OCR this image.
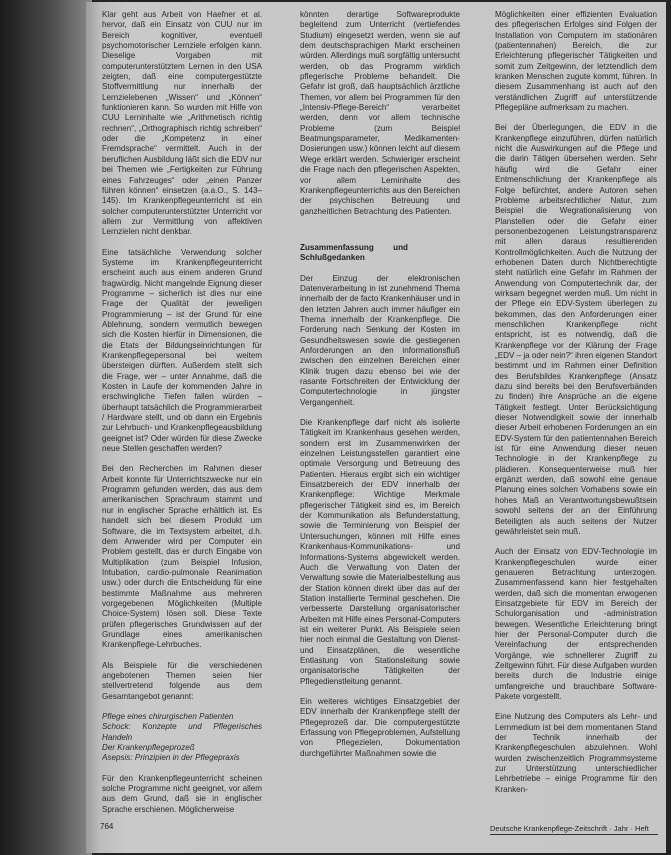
Klar geht aus Arbeit von Haefner et al. hervor, daß ein Einsatz von CUU nur im Bereich kognitiver, eventuell psychomotorischer Lernziele erfolgen kann. Dieselige Vorgaben mit computerunterstütztem Lernen in den USA zeigten, daß eine computergestützte Stoffvermittlung nur innerhalb der Lernzielebenen „Wissen“ und „Können“ funktionieren kann. So wurden mit Hilfe von CUU Lerninhalte wie „Arithmetisch richtig rechnen“, „Orthographisch richtig schreiben“ oder die „Kompetenz in einer Fremdsprache“ vermittelt. Auch in der beruflichen Ausbildung läßt sich die EDV nur bei Themen wie „Fertigkeiten zur Führung eines Fahrzeuges“ oder „einen Panzer führen können“ einsetzen (a.a.O., S. 143–145). Im Krankenpflegeunterricht ist ein solcher computerunterstützter Unterricht vor allem zur Vermittlung von affektiven Lernzielen nicht denkbar.

Eine tatsächliche Verwendung solcher Systeme im Krankenpflegeunterricht erscheint auch aus einem anderen Grund fragwürdig. Nicht mangelnde Eignung dieser Programme – sicherlich ist dies nur eine Frage der Qualität der jeweiligen Programmierung – ist der Grund für eine Ablehnung, sondern vermutlich bewegen sich die Kosten hierfür in Dimensionen, die die Etats der Bildungseinrichtungen für Krankenpflegepersonal bei weitem übersteigen dürften. Außerdem stellt sich die Frage, wer – unter Annahme, daß die Kosten in Laufe der kommenden Jahre in erschwingliche Tiefen fallen würden – überhaupt tatsächlich die Programmierarbeit / Hardware stellt, und ob dann ein Ergebnis zur Lehrbuch- und Krankenpflegeausbildung geeignet ist? Oder würden für diese Zwecke neue Stellen geschaffen werden?

Bei den Recherchen im Rahmen dieser Arbeit konnte für Unterrichtszwecke nur ein Programm gefunden werden, das aus dem amerikanischen Sprachraum stammt und nur in englischer Sprache erhältlich ist. Es handelt sich bei diesem Produkt um Software, die im Textsystem arbeitet, d.h. dem Anwender wird per Computer ein Problem gestellt, das er durch Eingabe von Multiplikation (zum Beispiel Infusion, Intubation, cardio-pulmonale Reanimation usw.) oder durch die Entscheidung für eine bestimmte Maßnahme aus mehreren vorgegebenen Möglichkeiten (Multiple Choice-System) lösen soll. Diese Texte prüfen pflegerisches Grundwissen auf der Grundlage eines amerikanischen Krankenpflege-Lehrbuches.

Als Beispiele für die verschiedenen angebotenen Themen seien hier stellvertretend folgende aus dem Gesamtangebot genannt:

Pflege eines chirurgischen Patienten
Schock: Konzepte und Pflegerisches Handeln
Der Krankenpflegeprozeß
Asepsis: Prinzipien in der Pflegepraxis

Für den Krankenpflegeunterricht scheinen solche Programme nicht geeignet, vor allem aus dem Grund, daß sie in englischer Sprache erschienen. Möglicherweise

könnten derartige Softwareprodukte begleitend zum Unterricht (vertiefendes Studium) eingesetzt werden, wenn sie auf dem deutschsprachigen Markt erscheinen würden. Allerdings muß sorgfältig untersucht werden, ob das Programm wirklich pflegerische Probleme behandelt. Die Gefahr ist groß, daß hauptsächlich ärztliche Themen, vor allem bei Programmen für den „Intensiv-Pflege-Bereich“ verarbeitet werden, denn vor allem technische Probleme (zum Beispiel Beatmungsparameter, Medikamenten-Dosierungen usw.) können leicht auf diesem Wege erklärt werden. Schwieriger erscheint die Frage nach den pflegerischen Aspekten, vor allem Lerninhalte des Krankenpflegeunterrichts aus den Bereichen der psychischen Betreuung und ganzheitlichen Betrachtung des Patienten.

Zusammenfassung und Schlußgedanken

Der Einzug der elektronischen Datenverarbeitung in ist zunehmend Thema innerhalb der de facto Krankenhäuser und in den letzten Jahren auch immer häufiger ein Thema innerhalb der Krankenpflege. Die Forderung nach Senkung der Kosten im Gesundheitswesen sowie die gestiegenen Anforderungen an den informationsfluß zwischen den einzelnen Bereichen einer Klinik trugen dazu ebenso bei wie der rasante Fortschreiten der Entwicklung der Computertechnologie in jüngster Vergangenheit.

Die Krankenpflege darf nicht als isolierte Tätigkeit im Krankenhaus gesehen werden, sondern erst im Zusammenwirken der einzelnen Leistungsstellen garantiert eine optimale Versorgung und Betreuung des Patienten. Hieraus ergibt sich ein wichtiger Einsatzbereich der EDV innerhalb der Krankenpflege: Wichtige Merkmale pflegerischer Tätigkeit sind es, im Bereich der Kommunikation als Befunderstattung, sowie die Terminierung von Beispiel der Untersuchungen, können mit Hilfe eines Krankenhaus-Kommunikations- und Informations-Systems abgewickelt werden. Auch die Verwaltung von Daten der Verwaltung sowie die Materialbestellung aus der Station können direkt über das auf der Station installierte Terminal geschehen. Die verbesserte Darstellung organisatorischer Arbeiten mit Hilfe eines Personal-Computers ist ein weiterer Punkt. Als Beispiele seien hier noch einmal die Gestaltung von Dienst- und Einsatzplänen, die wesentliche Entlastung von Stationsleitung sowie organisatorische Tätigkeiten der Pflegedienstleitung genannt.

Ein weiteres wichtiges Einsatzgebiet der EDV innerhalb der Krankenpflege stellt der Pflegeprozeß dar. Die computergestützte Erfassung von Pflegeproblemen, Aufstellung von Pflegezielen, Dokumentation durchgeführter Maßnahmen sowie die

Möglichkeiten einer effizienten Evaluation des pflegerischen Erfolges sind Folgen der Installation von Computern im stationären (patientennahen) Bereich, die zur Erleichterung pflegerischer Tätigkeiten und somit zum Zeitgewinn, der letztendlich dem kranken Menschen zugute kommt, führen. In diesem Zusammenhang ist auch auf den verständlichen Zugriff auf unterstützende Pflegepläne aufmerksam zu machen.

Bei der Überlegungen, die EDV in die Krankenpflege einzuführen, dürfen natürlich nicht die Auswirkungen auf die Pflege und die darin Tätigen übersehen werden. Sehr häufig wird die Gefahr einer Entmenschlichung der Krankenpflege als Folge befürchtet, andere Autoren sehen Probleme arbeitsrechtlicher Natur, zum Beispiel die Wegrationalisierung von Planstellen oder die Gefahr einer personenbezogenen Leistungstransparenz mit allen daraus resultierenden Kontrollmöglichkeiten. Auch die Nutzung der erhobenen Daten durch Nichtberechtigte steht natürlich eine Gefahr im Rahmen der Anwendung von Computertechnik dar, der wirksam begegnet werden muß. Um nicht in der Pflege ein EDV-System überlegen zu bekommen, das den Anforderungen einer menschlichen Krankenpflege nicht entspricht, ist es notwendig, daß die Krankenpflege vor der Klärung der Frage „EDV – ja oder nein?“ ihren eigenen Standort bestimmt und im Rahmen einer Definition des Berufsbildes Krankenpflege (Ansatz dazu sind bereits bei den Berufsverbänden zu finden) ihre Ansprüche an die eigene Tätigkeit festlegt. Unter Berücksichtigung dieser Notwendigkeit sowie der innerhalb dieser Arbeit erhobenen Forderungen an ein EDV-System für den patientennahen Bereich ist für eine Anwendung dieser neuen Technologie in der Krankenpflege zu plädieren. Konsequenterweise muß hier ergänzt werden, daß sowohl eine genaue Planung eines solchen Vorhabens sowie ein hohes Maß an Verantwortungsbewußtsein sowohl seitens der an der Einführung Beteiligten als auch seitens der Nutzer gewährleistet sein muß.

Auch der Einsatz von EDV-Technologie im Krankenpflegeschulen wurde einer genaueren Betrachtung unterzogen. Zusammenfassend kann hier festgehalten werden, daß sich die momentan erwogenen Einsatzgebiete für EDV im Bereich der Schulorganisation und -administration bewegen. Wesentliche Erleichterung bringt hier der Personal-Computer durch die Vereinfachung der entsprechenden Vorgänge, wie schnellerer Zugriff zu Zeitgewinn führt. Für diese Aufgaben wurden bereits durch die Industrie einige umfangreiche und brauchbare Software-Pakete vorgestellt.

Eine Nutzung des Computers als Lehr- und Lernmedium ist bei dem momentanen Stand der Technik innerhalb der Krankenpflegeschulen abzulehnen. Wohl wurden zwischenzeitlich Programmsysteme zur Unterstützung unterschiedlicher Lehrbetriebe – einige Programme für den Kranken-

764	Deutsche Krankenpflege-Zeitschrift · Jahr · Heft
